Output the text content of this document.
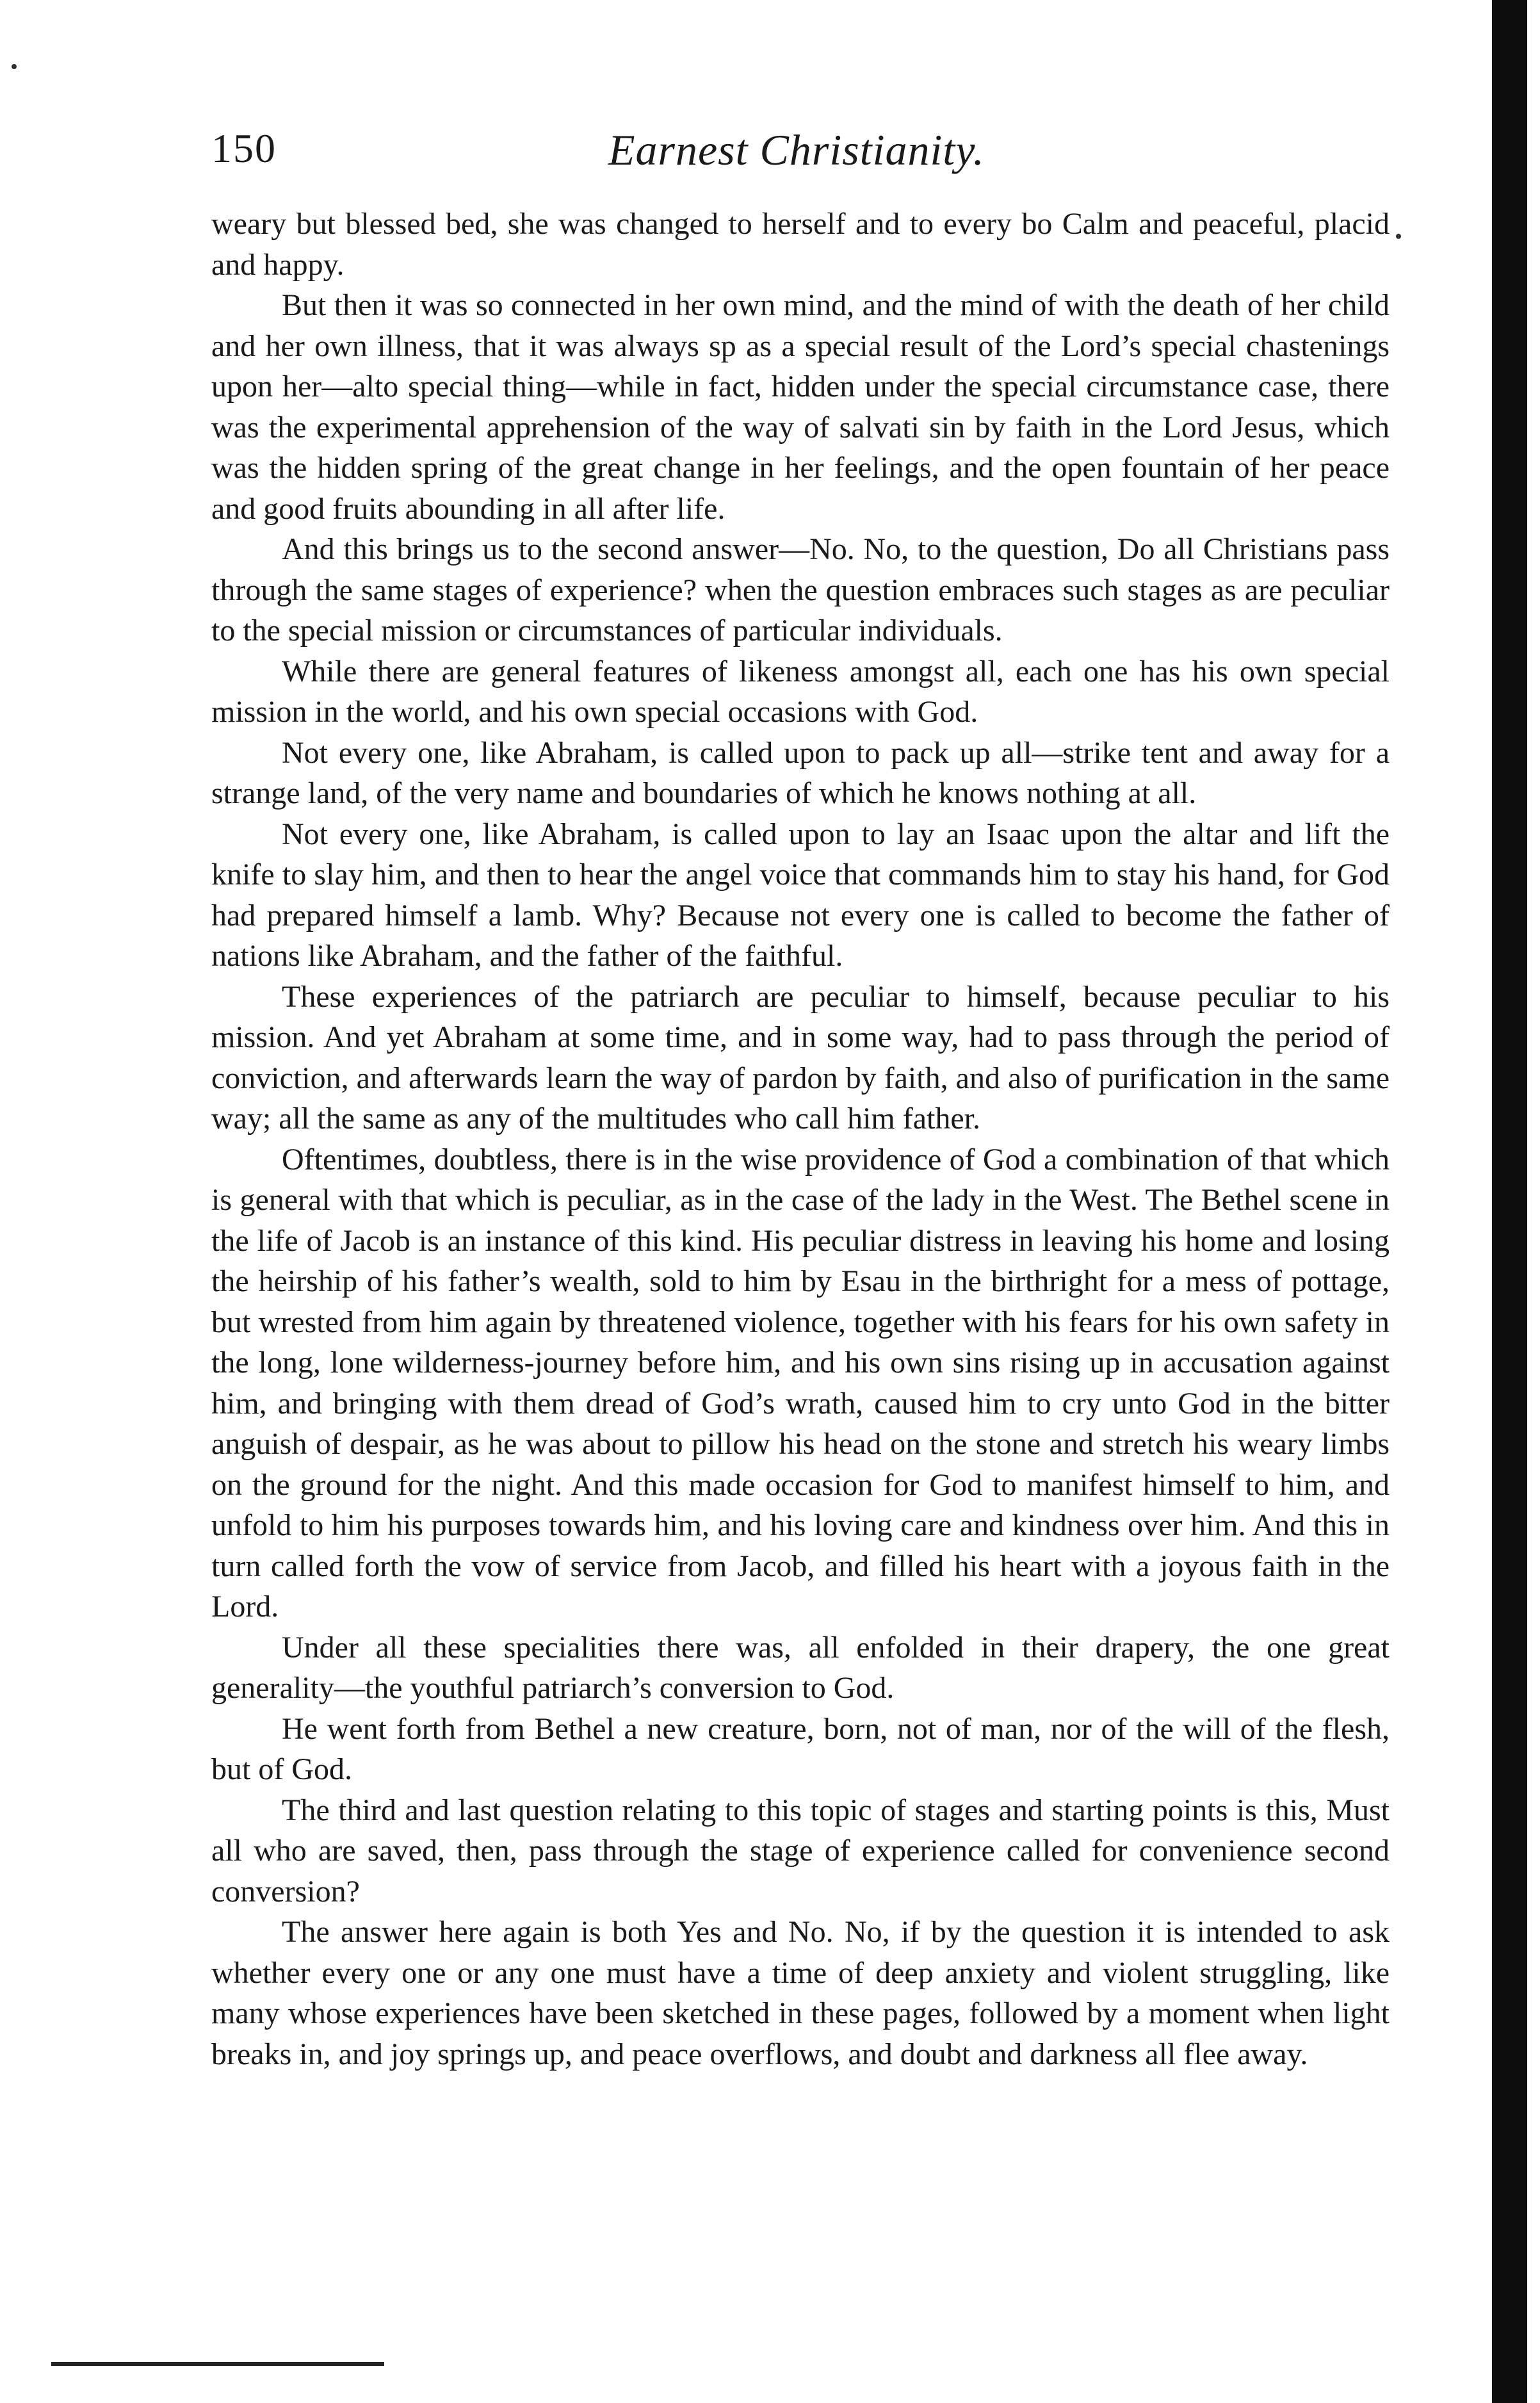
150	Earnest Christianity.

weary but blessed bed, she was changed to herself and to every bo Calm and peaceful, placid and happy.

But then it was so connected in her own mind, and the mind of with the death of her child and her own illness, that it was always sp as a special result of the Lord’s special chastenings upon her—alto special thing—while in fact, hidden under the special circumstance case, there was the experimental apprehension of the way of salvati sin by faith in the Lord Jesus, which was the hidden spring of the great change in her feelings, and the open fountain of her peace and good fruits abounding in all after life.

And this brings us to the second answer—No. No, to the question, Do all Christians pass through the same stages of experience? when the question embraces such stages as are peculiar to the special mission or circumstances of particular individuals.

While there are general features of likeness amongst all, each one has his own special mission in the world, and his own special occasions with God.

Not every one, like Abraham, is called upon to pack up all—strike tent and away for a strange land, of the very name and boundaries of which he knows nothing at all.

Not every one, like Abraham, is called upon to lay an Isaac upon the altar and lift the knife to slay him, and then to hear the angel voice that commands him to stay his hand, for God had prepared himself a lamb. Why? Because not every one is called to become the father of nations like Abraham, and the father of the faithful.

These experiences of the patriarch are peculiar to himself, because peculiar to his mission. And yet Abraham at some time, and in some way, had to pass through the period of conviction, and afterwards learn the way of pardon by faith, and also of purification in the same way; all the same as any of the multitudes who call him father.

Oftentimes, doubtless, there is in the wise providence of God a combination of that which is general with that which is peculiar, as in the case of the lady in the West. The Bethel scene in the life of Jacob is an instance of this kind. His peculiar distress in leaving his home and losing the heirship of his father’s wealth, sold to him by Esau in the birthright for a mess of pottage, but wrested from him again by threatened violence, together with his fears for his own safety in the long, lone wilderness-journey before him, and his own sins rising up in accusation against him, and bringing with them dread of God’s wrath, caused him to cry unto God in the bitter anguish of despair, as he was about to pillow his head on the stone and stretch his weary limbs on the ground for the night. And this made occasion for God to manifest himself to him, and unfold to him his purposes towards him, and his loving care and kindness over him. And this in turn called forth the vow of service from Jacob, and filled his heart with a joyous faith in the Lord.

Under all these specialities there was, all enfolded in their drapery, the one great generality—the youthful patriarch’s conversion to God.

He went forth from Bethel a new creature, born, not of man, nor of the will of the flesh, but of God.

The third and last question relating to this topic of stages and starting points is this, Must all who are saved, then, pass through the stage of experience called for convenience second conversion?

The answer here again is both Yes and No. No, if by the question it is intended to ask whether every one or any one must have a time of deep anxiety and violent struggling, like many whose experiences have been sketched in these pages, followed by a moment when light breaks in, and joy springs up, and peace overflows, and doubt and darkness all flee away.
